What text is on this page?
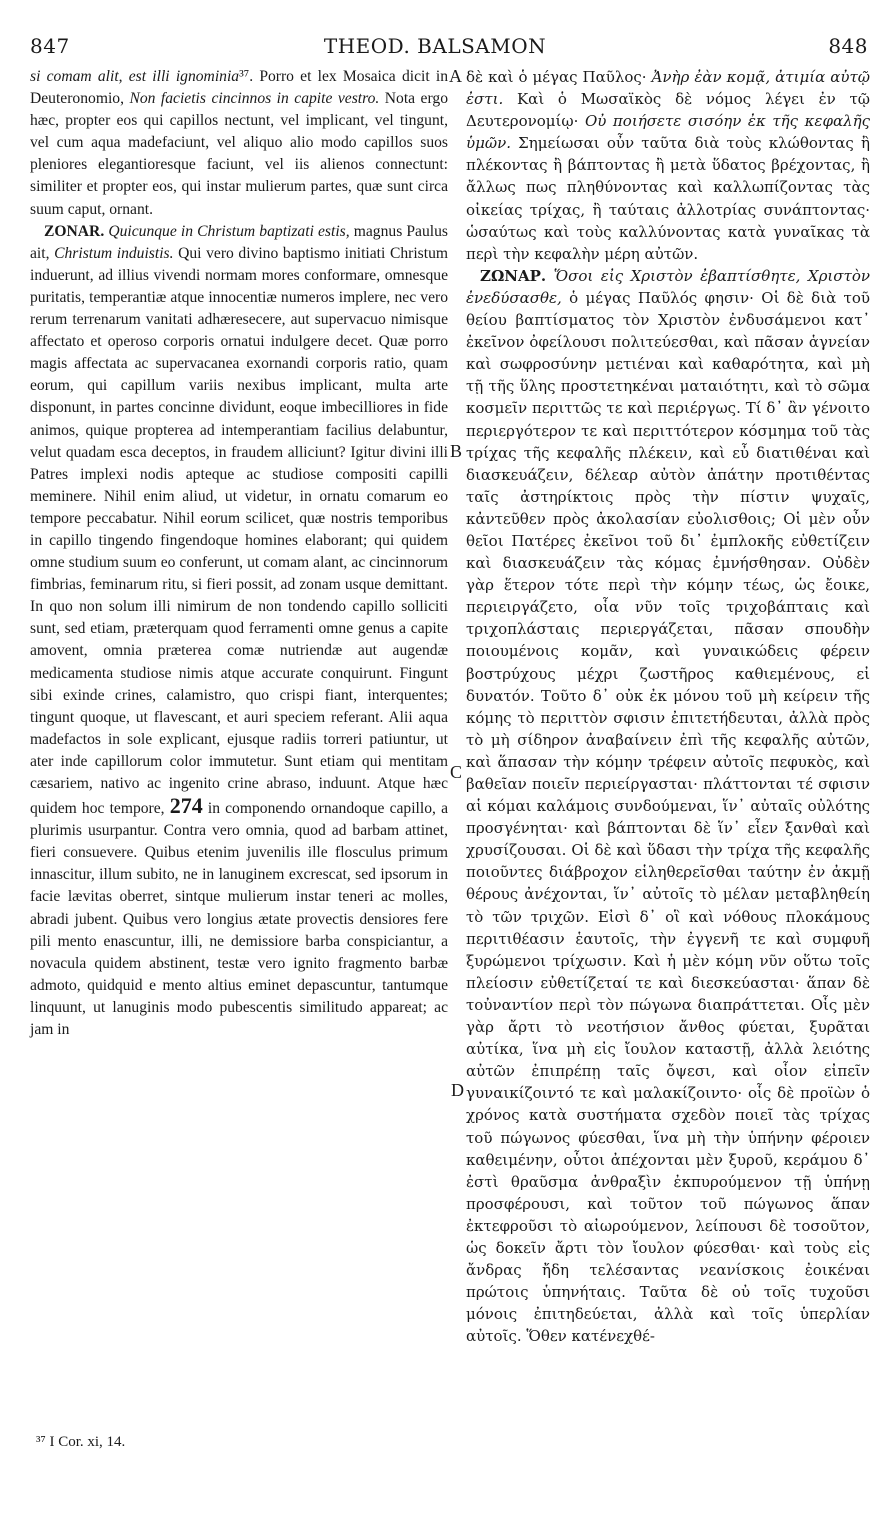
847	THEOD. BALSAMON	848

si comam alit, est illi ignominia³⁷. Porro et lex Mosaica dicit in Deuteronomio, Non facietis cincinnos in capite vestro. Nota ergo hæc, propter eos qui capillos nectunt, vel implicant, vel tingunt, vel cum aqua madefaciunt, vel aliquo alio modo capillos suos pleniores elegantioresque faciunt, vel iis alienos connectunt: similiter et propter eos, qui instar mulierum partes, quæ sunt circa suum caput, ornant.

ZONAR. Quicunque in Christum baptizati estis, magnus Paulus ait, Christum induistis. Qui vero divino baptismo initiati Christum induerunt, ad illius vivendi normam mores conformare, omnesque puritatis, temperantiæ atque innocentiæ numeros implere, nec vero rerum terrenarum vanitati adhæresecere, aut supervacuo nimisque affectato et operoso corporis ornatui indulgere decet. Quæ porro magis affectata ac supervacanea exornandi corporis ratio, quam eorum, qui capillum variis nexibus implicant, multa arte disponunt, in partes concinne dividunt, eoque imbecilliores in fide animos, quique propterea ad intemperantiam facilius delabuntur, velut quadam esca deceptos, in fraudem alliciunt? Igitur divini illi Patres implexi nodis apteque ac studiose compositi capilli meminere. Nihil enim aliud, ut videtur, in ornatu comarum eo tempore peccabatur. Nihil eorum scilicet, quæ nostris temporibus in capillo tingendo fingendoque homines elaborant; qui quidem omne studium suum eo conferunt, ut comam alant, ac cincinnorum fimbrias, feminarum ritu, si fieri possit, ad zonam usque demittant. In quo non solum illi nimirum de non tondendo capillo solliciti sunt, sed etiam, præterquam quod ferramenti omne genus a capite amovent, omnia præterea comæ nutriendæ aut augendæ medicamenta studiose nimis atque accurate conquirunt. Fingunt sibi exinde crines, calamistro, quo crispi fiant, interquentes; tingunt quoque, ut flavescant, et auri speciem referant. Alii aqua madefactos in sole explicant, ejusque radiis torreri patiuntur, ut ater inde capillorum color immutetur. Sunt etiam qui mentitam cæsariem, nativo ac ingenito crine abraso, induunt. Atque hæc quidem hoc tempore, 274 in componendo ornandoque capillo, a plurimis usurpantur. Contra vero omnia, quod ad barbam attinet, fieri consuevere. Quibus etenim juvenilis ille flosculus primum innascitur, illum subito, ne in lanuginem excrescat, sed ipsorum in facie lævitas oberret, sintque mulierum instar teneri ac molles, abradi jubent. Quibus vero longius ætate provectis densiores fere pili mento enascuntur, illi, ne demissiore barba conspiciantur, a novacula quidem abstinent, testæ vero ignito fragmento barbæ admoto, quidquid e mento altius eminet depascuntur, tantumque linquunt, ut lanuginis modo pubescentis similitudo appareat; ac jam in

A
B
C
D

δὲ καὶ ὁ μέγας Παῦλος· Ἀνὴρ ἐὰν κομᾷ, ἀτιμία αὐτῷ ἐστι. Καὶ ὁ Μωσαϊκὸς δὲ νόμος λέγει ἐν τῷ Δευτερονομίῳ· Οὐ ποιήσετε σισόην ἐκ τῆς κεφαλῆς ὑμῶν. Σημείωσαι οὖν ταῦτα διὰ τοὺς κλώθοντας ἢ πλέκοντας ἢ βάπτοντας ἢ μετὰ ὕδατος βρέχοντας, ἢ ἄλλως πως πληθύνοντας καὶ καλλωπίζοντας τὰς οἰκείας τρίχας, ἢ ταύταις ἀλλοτρίας συνάπτοντας· ὡσαύτως καὶ τοὺς καλλύνοντας κατὰ γυναῖκας τὰ περὶ τὴν κεφαλὴν μέρη αὐτῶν.

ΖΩΝΑΡ. Ὅσοι εἰς Χριστὸν ἐβαπτίσθητε, Χριστὸν ἐνεδύσασθε, ὁ μέγας Παῦλός φησιν· Οἱ δὲ διὰ τοῦ θείου βαπτίσματος τὸν Χριστὸν ἐνδυσάμενοι κατ᾿ ἐκεῖνον ὀφείλουσι πολιτεύεσθαι, καὶ πᾶσαν ἁγνείαν καὶ σωφροσύνην μετιέναι καὶ καθαρότητα, καὶ μὴ τῇ τῆς ὕλης προστετηκέναι ματαιότητι, καὶ τὸ σῶμα κοσμεῖν περιττῶς τε καὶ περιέργως. Τί δ᾿ ἂν γένοιτο περιεργότερον τε καὶ περιττότερον κόσμημα τοῦ τὰς τρίχας τῆς κεφαλῆς πλέκειν, καὶ εὖ διατιθέναι καὶ διασκευάζειν, δέλεαρ αὐτὸν ἀπάτην προτιθέντας ταῖς ἀστηρίκτοις πρὸς τὴν πίστιν ψυχαῖς, κἀντεῦθεν πρὸς ἀκολασίαν εὐολισθοις; Οἱ μὲν οὖν θεῖοι Πατέρες ἐκεῖνοι τοῦ δι᾿ ἐμπλοκῆς εὐθετίζειν καὶ διασκευάζειν τὰς κόμας ἐμνήσθησαν. Οὐδὲν γὰρ ἕτερον τότε περὶ τὴν κόμην τέως, ὡς ἔοικε, περιειργάζετο, οἷα νῦν τοῖς τριχοβάπταις καὶ τριχοπλάσταις περιεργάζεται, πᾶσαν σπουδὴν ποιουμένοις κομᾶν, καὶ γυναικώδεις φέρειν βοστρύχους μέχρι ζωστῆρος καθιεμένους, εἰ δυνατόν. Τοῦτο δ᾿ οὐκ ἐκ μόνου τοῦ μὴ κείρειν τῆς κόμης τὸ περιττὸν σφισιν ἐπιτετήδευται, ἀλλὰ πρὸς τὸ μὴ σίδηρον ἀναβαίνειν ἐπὶ τῆς κεφαλῆς αὐτῶν, καὶ ἅπασαν τὴν κόμην τρέφειν αὐτοῖς πεφυκὸς, καὶ βαθεῖαν ποιεῖν περιείργασται· πλάττονται τέ σφισιν αἱ κόμαι καλάμοις συνδούμεναι, ἵν᾿ αὐταῖς οὐλότης προσγένηται· καὶ βάπτονται δὲ ἵν᾿ εἶεν ξανθαὶ καὶ χρυσίζουσαι. Οἱ δὲ καὶ ὕδασι τὴν τρίχα τῆς κεφαλῆς ποιοῦντες διάβροχον εἱληθερεῖσθαι ταύτην ἐν ἀκμῇ θέρους ἀνέχονται, ἵν᾿ αὐτοῖς τὸ μέλαν μεταβληθείη τὸ τῶν τριχῶν. Εἰσὶ δ᾿ οἳ καὶ νόθους πλοκάμους περιτιθέασιν ἑαυτοῖς, τὴν ἐγγενῆ τε καὶ συμφυῆ ξυρώμενοι τρίχωσιν. Καὶ ἡ μὲν κόμη νῦν οὕτω τοῖς πλείοσιν εὐθετίζεταί τε καὶ διεσκεύασται· ἅπαν δὲ τοὐναντίον περὶ τὸν πώγωνα διαπράττεται. Οἷς μὲν γὰρ ἄρτι τὸ νεοτήσιον ἄνθος φύεται, ξυρᾶται αὐτίκα, ἵνα μὴ εἰς ἴουλον καταστῇ, ἀλλὰ λειότης αὐτῶν ἐπιπρέπῃ ταῖς ὄψεσι, καὶ οἷον εἰπεῖν γυναικίζοιντό τε καὶ μαλακίζοιντο· οἷς δὲ προϊὼν ὁ χρόνος κατὰ συστήματα σχεδὸν ποιεῖ τὰς τρίχας τοῦ πώγωνος φύεσθαι, ἵνα μὴ τὴν ὑπήνην φέροιεν καθειμένην, οὗτοι ἀπέχονται μὲν ξυροῦ, κεράμου δ᾿ ἐστὶ θραῦσμα ἀνθραξὶν ἐκπυρούμενον τῇ ὑπήνῃ προσφέρουσι, καὶ τοῦτον τοῦ πώγωνος ἅπαν ἐκτεφροῦσι τὸ αἰωρούμενον, λείπουσι δὲ τοσοῦτον, ὡς δοκεῖν ἄρτι τὸν ἴουλον φύεσθαι· καὶ τοὺς εἰς ἄνδρας ἤδη τελέσαντας νεανίσκοις ἐοικέναι πρώτοις ὑπηνήταις. Ταῦτα δὲ οὐ τοῖς τυχοῦσι μόνοις ἐπιτηδεύεται, ἀλλὰ καὶ τοῖς ὑπερλίαν αὐτοῖς. Ὅθεν κατένεχθέ-

³⁷ I Cor. xi, 14.
